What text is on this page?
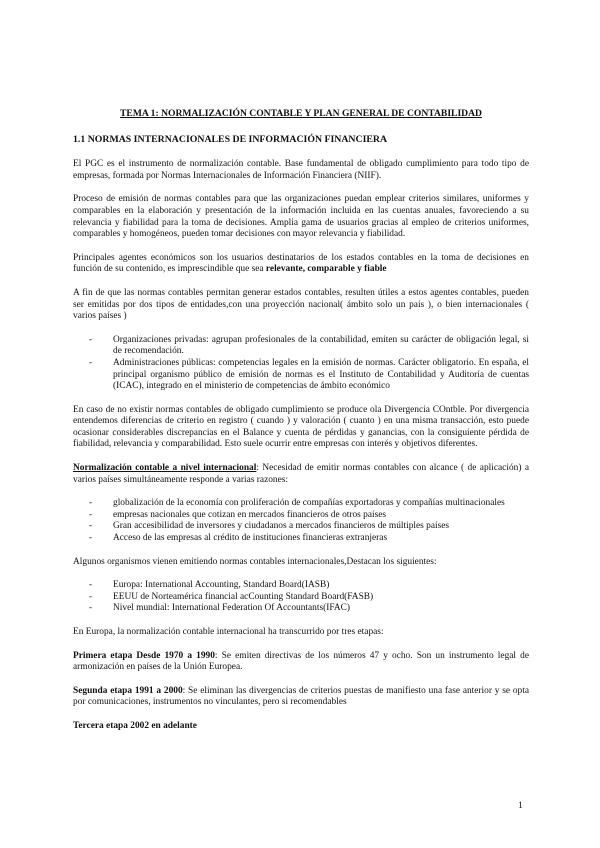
TEMA 1: NORMALIZACIÓN CONTABLE Y PLAN GENERAL DE CONTABILIDAD
1.1 NORMAS INTERNACIONALES DE INFORMACIÓN FINANCIERA

El PGC es el instrumento de normalización contable. Base fundamental de obligado cumplimiento para todo tipo de empresas, formada por Normas Internacionales de Información Financiera (NIIF).

Proceso de emisión de normas contables para que las organizaciones puedan emplear criterios similares, uniformes y comparables en la elaboración y presentación de la información incluida en las cuentas anuales, favoreciendo a su relevancia y fiabilidad para la toma de decisiones. Amplia gama de usuarios gracias al empleo de criterios uniformes, comparables y homogéneos, pueden tomar decisiones con mayor relevancia y fiabilidad.

Principales agentes económicos son los usuarios destinatarios de los estados contables en la toma de decisiones en función de su contenido, es imprescindible que sea relevante, comparable y fiable

A fin de que las normas contables permitan generar estados contables, resulten útiles a estos agentes contables, pueden ser emitidas por dos tipos de entidades,con una proyección nacional( ámbito solo un país ), o bien internacionales ( varios países )

- Organizaciones privadas: agrupan profesionales de la contabilidad, emiten su carácter de obligación legal, si de recomendación.
- Administraciones públicas: competencias legales en la emisión de normas. Carácter obligatorio. En españa, el principal organismo público de emisión de normas es el Instituto de Contabilidad y Auditoría de cuentas (ICAC), integrado en el ministerio de competencias de ámbito económico

En caso de no existir normas contables de obligado cumplimiento se produce ola Divergencia COntble. Por divergencia entendemos diferencias de criterio en registro ( cuando ) y valoración ( cuanto ) en una misma transacción, esto puede ocasionar considerables discrepancias en el Balance y cuenta de pérdidas y ganancias, con la consiguiente pérdida de fiabilidad, relevancia y comparabilidad. Esto suele ocurrir entre empresas con interés y objetivos diferentes.

Normalización contable a nivel internacional: Necesidad de emitir normas contables con alcance ( de aplicación) a varios países simultáneamente responde a varias razones:

- globalización de la economía con proliferación de compañías exportadoras y compañías multinacionales
- empresas nacionales que cotizan en mercados financieros de otros países
- Gran accesibilidad de inversores y ciudadanos a mercados financieros de múltiples países
- Acceso de las empresas al crédito de instituciones financieras extranjeras

Algunos organismos vienen emitiendo normas contables internacionales,Destacan los siguientes:

- Europa: International Accounting, Standard Board(IASB)
- EEUU de Norteamérica financial acCounting Standard Board(FASB)
- Nivel mundial: International Federation Of Accountants(IFAC)

En Europa, la normalización contable internacional ha transcurrido por tres etapas:

Primera etapa Desde 1970 a 1990: Se emiten directivas de los números 47 y ocho. Son un instrumento legal de armonización en países de la Unión Europea.

Segunda etapa 1991 a 2000: Se eliminan las divergencias de criterios puestas de manifiesto una fase anterior y se opta por comunicaciones, instrumentos no vinculantes, pero si recomendables

Tercera etapa 2002 en adelante

1
